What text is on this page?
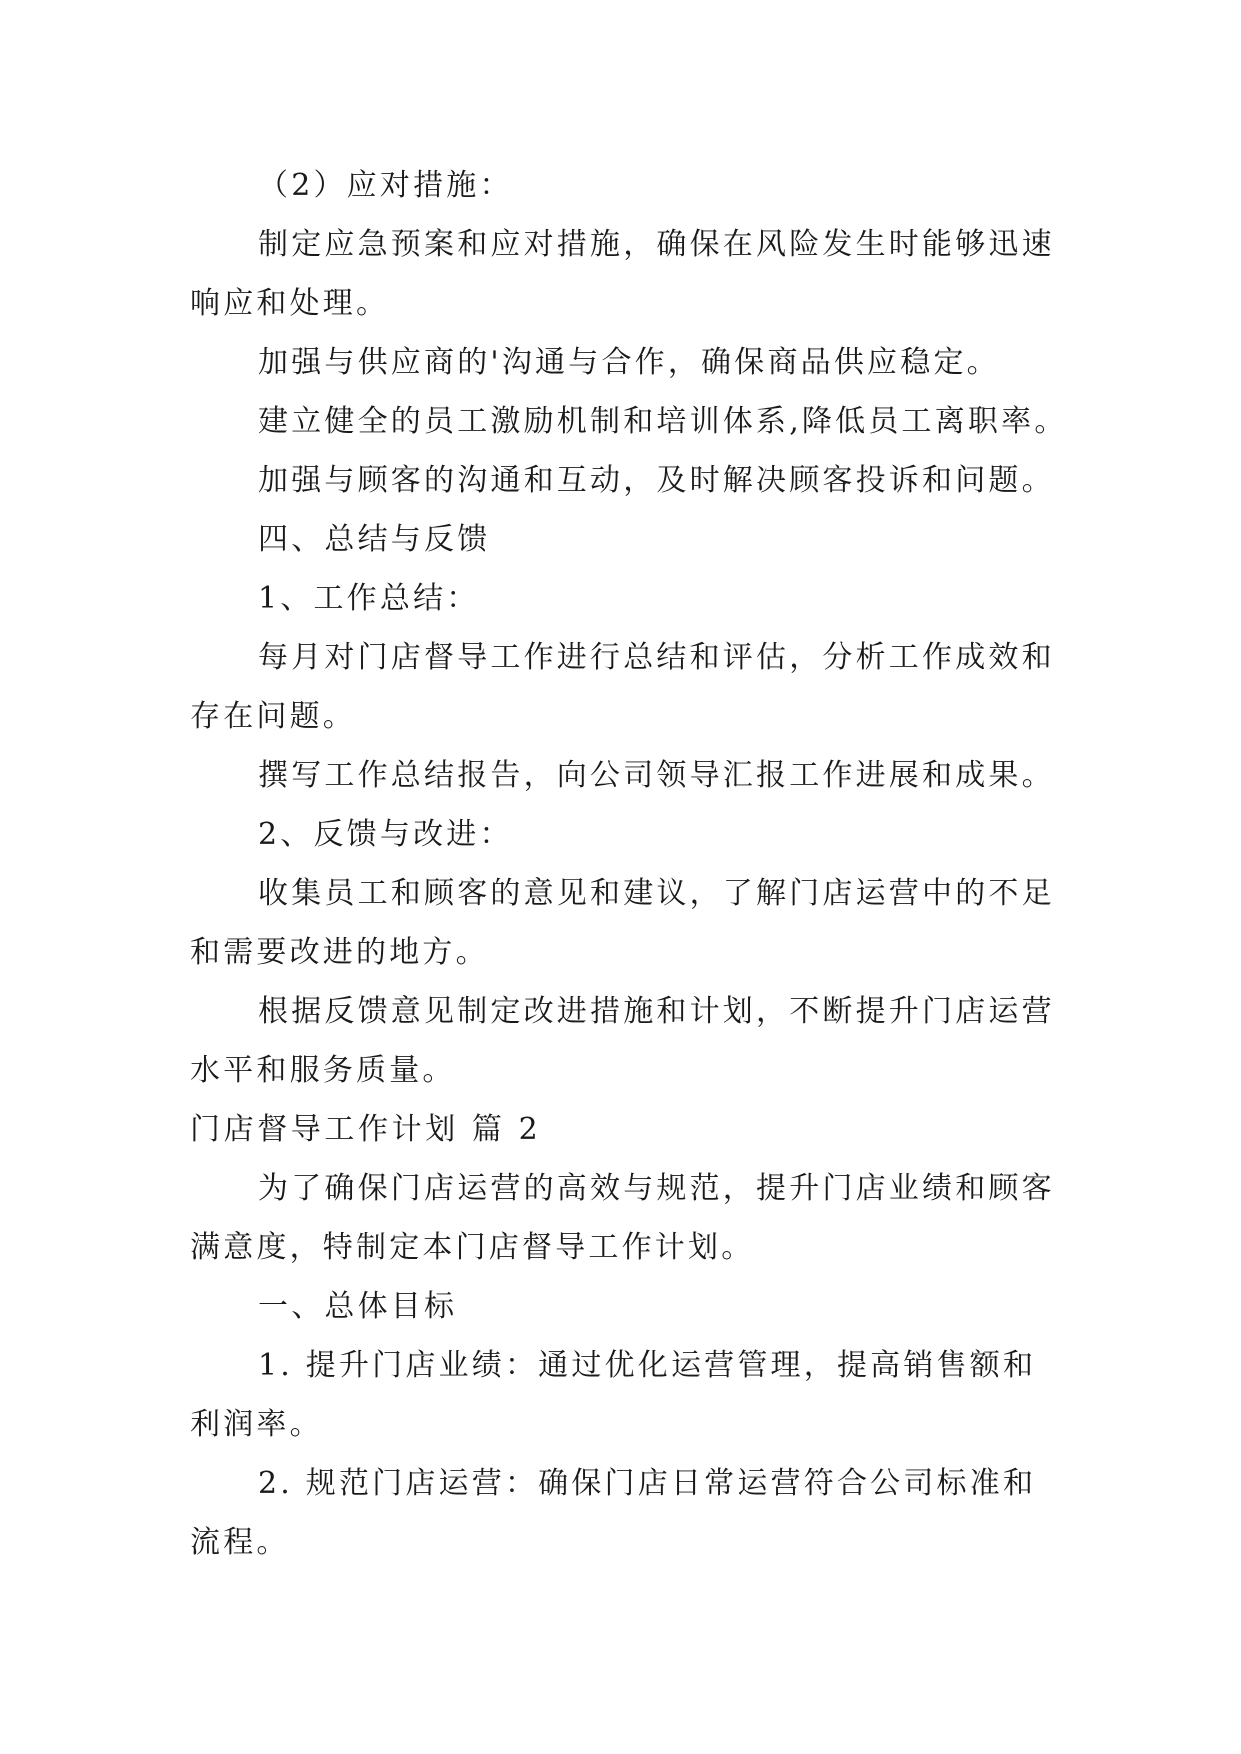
（2）应对措施：

制定应急预案和应对措施，确保在风险发生时能够迅速

响应和处理。

加强与供应商的'沟通与合作，确保商品供应稳定。

建立健全的员工激励机制和培训体系,降低员工离职率。

加强与顾客的沟通和互动，及时解决顾客投诉和问题。

四、总结与反馈

1、工作总结：

每月对门店督导工作进行总结和评估，分析工作成效和

存在问题。

撰写工作总结报告，向公司领导汇报工作进展和成果。

2、反馈与改进：

收集员工和顾客的意见和建议，了解门店运营中的不足

和需要改进的地方。

根据反馈意见制定改进措施和计划，不断提升门店运营

水平和服务质量。

门店督导工作计划 篇 2

为了确保门店运营的高效与规范，提升门店业绩和顾客

满意度，特制定本门店督导工作计划。

一、总体目标

1. 提升门店业绩：通过优化运营管理，提高销售额和

利润率。

2. 规范门店运营：确保门店日常运营符合公司标准和

流程。
